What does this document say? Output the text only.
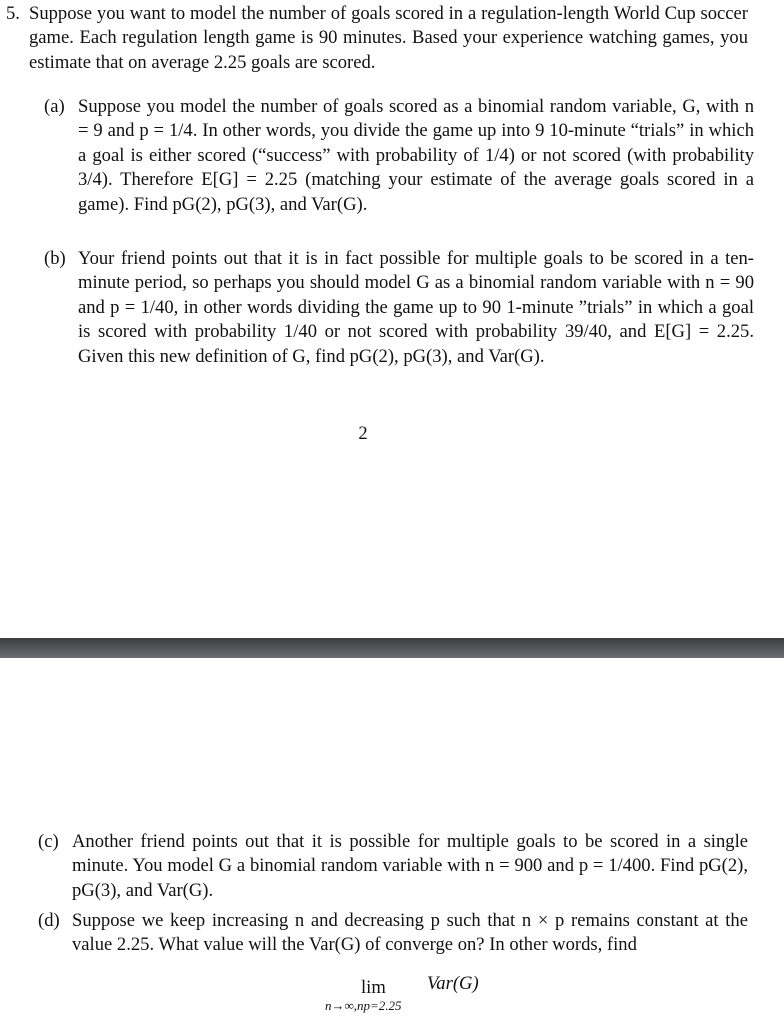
5. Suppose you want to model the number of goals scored in a regulation-length World Cup soccer game. Each regulation length game is 90 minutes. Based your experience watching games, you estimate that on average 2.25 goals are scored.
(a) Suppose you model the number of goals scored as a binomial random variable, G, with n = 9 and p = 1/4. In other words, you divide the game up into 9 10-minute “trials” in which a goal is either scored (“success” with probability of 1/4) or not scored (with probability 3/4). Therefore E[G] = 2.25 (matching your estimate of the average goals scored in a game). Find pG(2), pG(3), and Var(G).
(b) Your friend points out that it is in fact possible for multiple goals to be scored in a ten-minute period, so perhaps you should model G as a binomial random variable with n = 90 and p = 1/40, in other words dividing the game up to 90 1-minute ”trials” in which a goal is scored with probability 1/40 or not scored with probability 39/40, and E[G] = 2.25. Given this new definition of G, find pG(2), pG(3), and Var(G).
2
(c) Another friend points out that it is possible for multiple goals to be scored in a single minute. You model G a binomial random variable with n = 900 and p = 1/400. Find pG(2), pG(3), and Var(G).
(d) Suppose we keep increasing n and decreasing p such that n × p remains constant at the value 2.25. What value will the Var(G) of converge on? In other words, find
lim
n→∞,np=2.25
Var(G)
